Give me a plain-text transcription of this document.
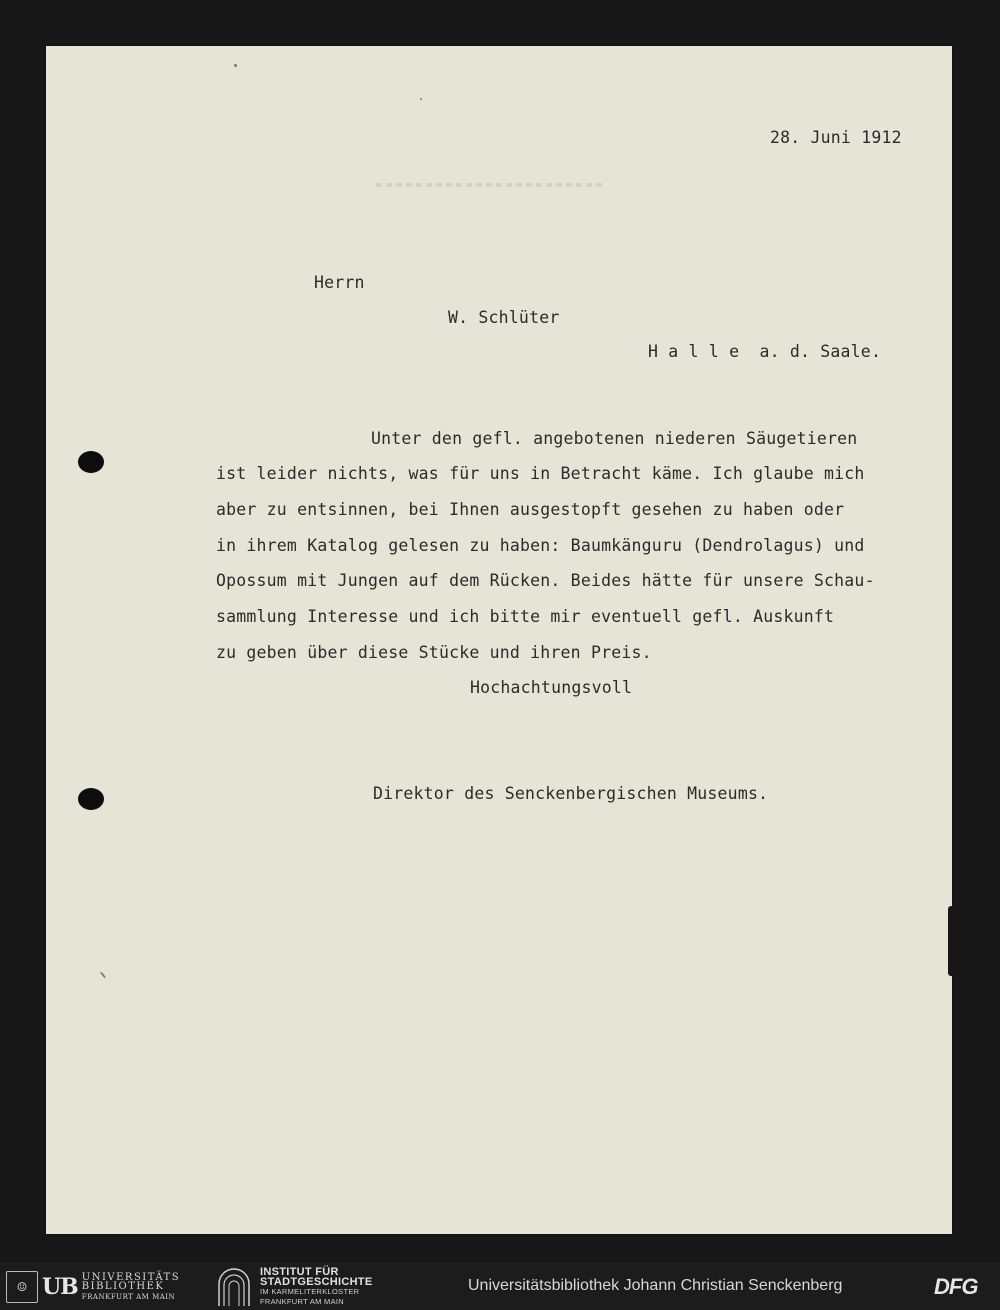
28. Juni 1912

Herrn

W. Schlüter

H a l l e  a. d. Saale.

Unter den gefl. angebotenen niederen Säugetieren

ist leider nichts, was für uns in Betracht käme. Ich glaube mich

aber zu entsinnen, bei Ihnen ausgestopft gesehen zu haben oder

in ihrem Katalog gelesen zu haben: Baumkänguru (Dendrolagus) und

Opossum mit Jungen auf dem Rücken. Beides hätte für unsere Schau-

sammlung Interesse und ich bitte mir eventuell gefl. Auskunft

zu geben über diese Stücke und ihren Preis.

Hochachtungsvoll

Direktor des Senckenbergischen Museums.

☺ UB UNIVERSITÄTS
BIBLIOTHEK
FRANKFURT AM MAIN
INSTITUT FÜR
STADTGESCHICHTE
IM KARMELITERKLOSTER
FRANKFURT AM MAIN
Universitätsbibliothek Johann Christian Senckenberg	DFG
